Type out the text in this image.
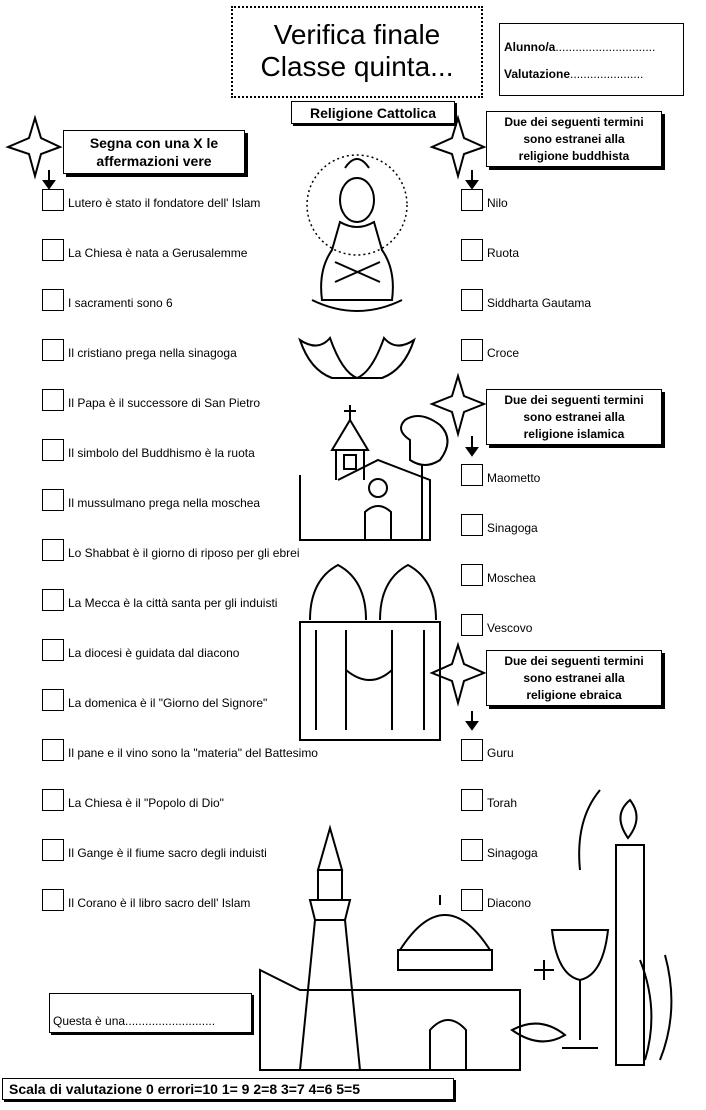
Verifica finale
Classe quinta...
Alunno/a..............................
Valutazione......................
Religione Cattolica
Segna con una X le
affermazioni vere
Due dei seguenti termini
sono estranei alla
religione buddhista
Due dei seguenti termini
sono estranei alla
religione islamica
Due dei seguenti termini
sono estranei alla
religione ebraica
Lutero è stato il fondatore dell' Islam
La Chiesa è nata a Gerusalemme
I sacramenti sono 6
Il cristiano prega nella sinagoga
Il Papa è il successore di San Pietro
Il simbolo del Buddhismo è la ruota
Il mussulmano prega nella moschea
Lo Shabbat è il giorno di riposo per gli ebrei
La Mecca è la città santa per gli induisti
La diocesi è guidata dal diacono
La domenica è il "Giorno del Signore"
Il pane e il vino sono la "materia" del Battesimo
La Chiesa è il "Popolo di Dio"
Il Gange è il fiume sacro degli induisti
Il Corano è il libro sacro dell' Islam
Nilo
Ruota
Siddharta Gautama
Croce
Maometto
Sinagoga
Moschea
Vescovo
Guru
Torah
Sinagoga
Diacono
Questa è una...........................
Scala di valutazione 0 errori=10 1= 9 2=8 3=7 4=6 5=5
